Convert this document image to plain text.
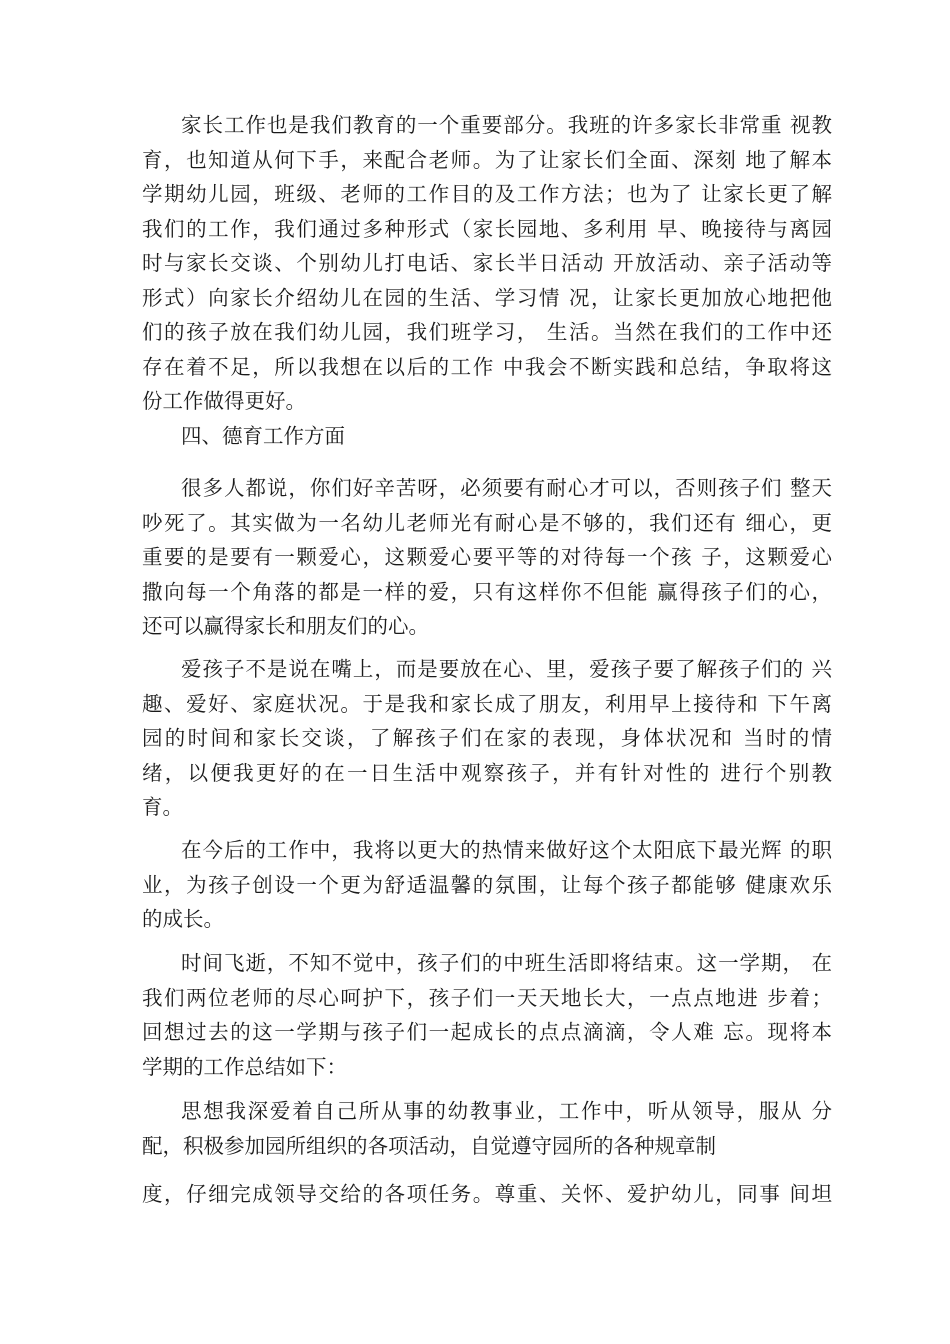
家长工作也是我们教育的一个重要部分。我班的许多家长非常重 视教
育，也知道从何下手，来配合老师。为了让家长们全面、深刻 地了解本
学期幼儿园，班级、老师的工作目的及工作方法；也为了 让家长更了解
我们的工作，我们通过多种形式（家长园地、多利用 早、晚接待与离园
时与家长交谈、个别幼儿打电话、家长半日活动 开放活动、亲子活动等
形式）向家长介绍幼儿在园的生活、学习情 况，让家长更加放心地把他
们的孩子放在我们幼儿园，我们班学习， 生活。当然在我们的工作中还
存在着不足，所以我想在以后的工作 中我会不断实践和总结，争取将这
份工作做得更好。
四、德育工作方面
很多人都说，你们好辛苦呀，必须要有耐心才可以，否则孩子们 整天
吵死了。其实做为一名幼儿老师光有耐心是不够的，我们还有 细心，更
重要的是要有一颗爱心，这颗爱心要平等的对待每一个孩 子，这颗爱心
撒向每一个角落的都是一样的爱，只有这样你不但能 赢得孩子们的心，
还可以赢得家长和朋友们的心。
爱孩子不是说在嘴上，而是要放在心、里，爱孩子要了解孩子们的 兴
趣、爱好、家庭状况。于是我和家长成了朋友，利用早上接待和 下午离
园的时间和家长交谈，了解孩子们在家的表现，身体状况和 当时的情
绪，以便我更好的在一日生活中观察孩子，并有针对性的 进行个别教
育。
在今后的工作中，我将以更大的热情来做好这个太阳底下最光辉 的职
业，为孩子创设一个更为舒适温馨的氛围，让每个孩子都能够 健康欢乐
的成长。
时间飞逝，不知不觉中，孩子们的中班生活即将结束。这一学期， 在
我们两位老师的尽心呵护下，孩子们一天天地长大，一点点地进 步着；
回想过去的这一学期与孩子们一起成长的点点滴滴，令人难 忘。现将本
学期的工作总结如下：
思想我深爱着自己所从事的幼教事业，工作中，听从领导，服从 分
配，积极参加园所组织的各项活动，自觉遵守园所的各种规章制
度，仔细完成领导交给的各项任务。尊重、关怀、爱护幼儿，同事 间坦
